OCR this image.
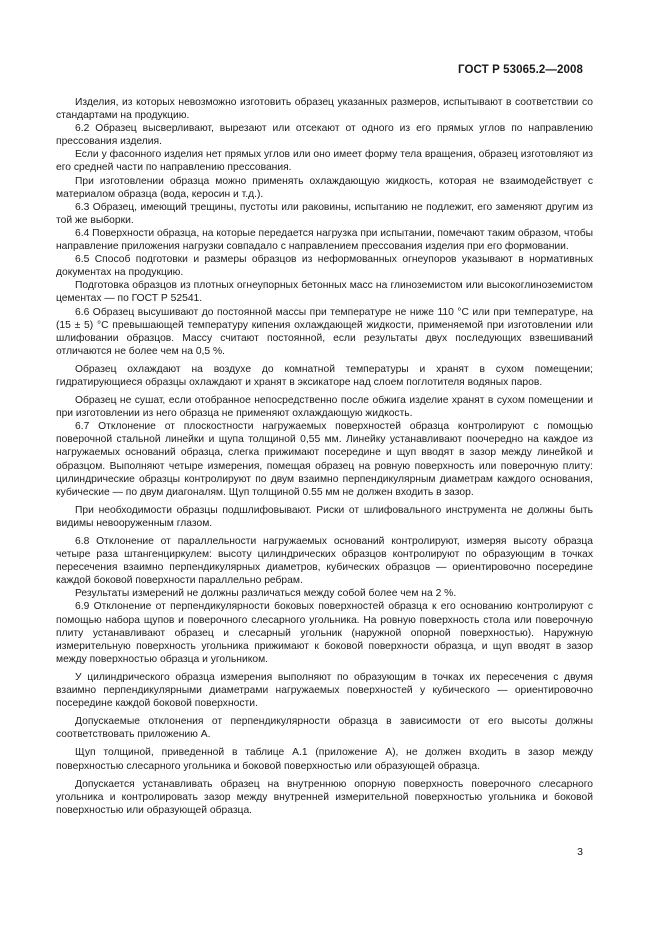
ГОСТ Р 53065.2—2008

Изделия, из которых невозможно изготовить образец указанных размеров, испытывают в соответствии со стандартами на продукцию.

6.2 Образец высверливают, вырезают или отсекают от одного из его прямых углов по направлению прессования изделия.

Если у фасонного изделия нет прямых углов или оно имеет форму тела вращения, образец изготовляют из его средней части по направлению прессования.

При изготовлении образца можно применять охлаждающую жидкость, которая не взаимодействует с материалом образца (вода, керосин и т.д.).

6.3 Образец, имеющий трещины, пустоты или раковины, испытанию не подлежит, его заменяют другим из той же выборки.

6.4 Поверхности образца, на которые передается нагрузка при испытании, помечают таким образом, чтобы направление приложения нагрузки совпадало с направлением прессования изделия при его формовании.

6.5 Способ подготовки и размеры образцов из неформованных огнеупоров указывают в нормативных документах на продукцию.

Подготовка образцов из плотных огнеупорных бетонных масс на глиноземистом или высокоглиноземистом цементах — по ГОСТ Р 52541.

6.6 Образец высушивают до постоянной массы при температуре не ниже 110 °С или при температуре, на (15 ± 5) °С превышающей температуру кипения охлаждающей жидкости, применяемой при изготовлении или шлифовании образцов. Массу считают постоянной, если результаты двух последующих взвешиваний отличаются не более чем на 0,5 %.

Образец охлаждают на воздухе до комнатной температуры и хранят в сухом помещении; гидратирующиеся образцы охлаждают и хранят в эксикаторе над слоем поглотителя водяных паров.

Образец не сушат, если отобранное непосредственно после обжига изделие хранят в сухом помещении и при изготовлении из него образца не применяют охлаждающую жидкость.

6.7 Отклонение от плоскостности нагружаемых поверхностей образца контролируют с помощью поверочной стальной линейки и щупа толщиной 0,55 мм. Линейку устанавливают поочередно на каждое из нагружаемых оснований образца, слегка прижимают посередине и щуп вводят в зазор между линейкой и образцом. Выполняют четыре измерения, помещая образец на ровную поверхность или поверочную плиту: цилиндрические образцы контролируют по двум взаимно перпендикулярным диаметрам каждого основания, кубические — по двум диагоналям. Щуп толщиной 0.55 мм не должен входить в зазор.

При необходимости образцы подшлифовывают. Риски от шлифовального инструмента не должны быть видимы невооруженным глазом.

6.8 Отклонение от параллельности нагружаемых оснований контролируют, измеряя высоту образца четыре раза штангенциркулем: высоту цилиндрических образцов контролируют по образующим в точках пересечения взаимно перпендикулярных диаметров, кубических образцов — ориентировочно посередине каждой боковой поверхности параллельно ребрам.

Результаты измерений не должны различаться между собой более чем на 2 %.

6.9 Отклонение от перпендикулярности боковых поверхностей образца к его основанию контролируют с помощью набора щупов и поверочного слесарного угольника. На ровную поверхность стола или поверочную плиту устанавливают образец и слесарный угольник (наружной опорной поверхностью). Наружную измерительную поверхность угольника прижимают к боковой поверхности образца, и щуп вводят в зазор между поверхностью образца и угольником.

У цилиндрического образца измерения выполняют по образующим в точках их пересечения с двумя взаимно перпендикулярными диаметрами нагружаемых поверхностей у кубического — ориентировочно посередине каждой боковой поверхности.

Допускаемые отклонения от перпендикулярности образца в зависимости от его высоты должны соответствовать приложению А.

Щуп толщиной, приведенной в таблице А.1 (приложение А), не должен входить в зазор между поверхностью слесарного угольника и боковой поверхностью или образующей образца.

Допускается устанавливать образец на внутреннюю опорную поверхность поверочного слесарного угольника и контролировать зазор между внутренней измерительной поверхностью угольника и боковой поверхностью или образующей образца.

3
